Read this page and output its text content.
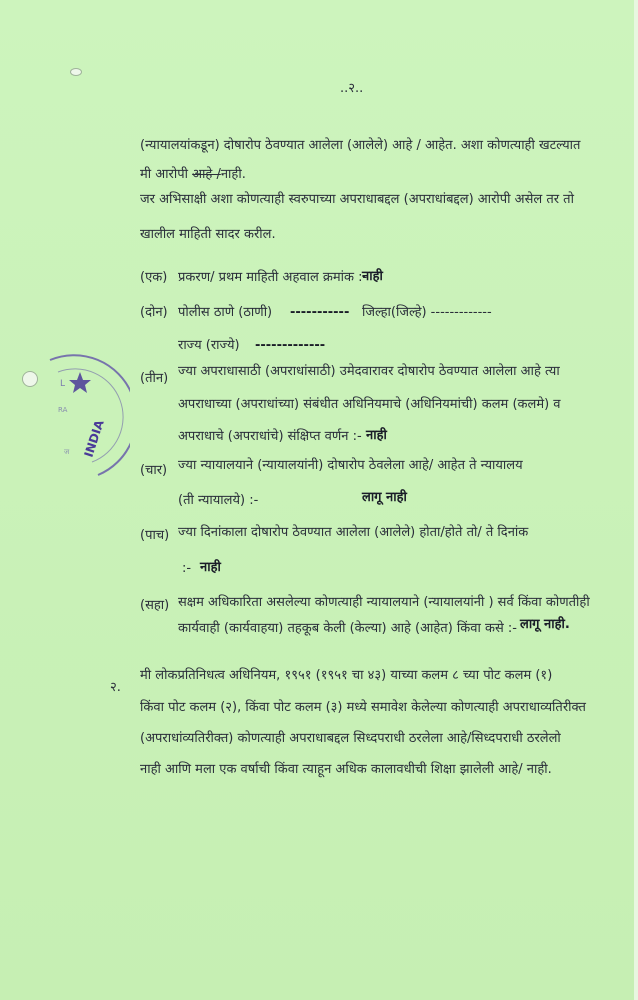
L
RA
INDIA
ज
..२..
(न्यायालयांकडून) दोषारोप ठेवण्यात आलेला (आलेले) आहे / आहेत. अशा कोणत्याही खटल्यात
मी आरोपी आहे /नाही.
जर अभिसाक्षी अशा कोणत्याही स्वरुपाच्या अपराधाबद्दल (अपराधांबद्दल) आरोपी असेल तर तो
खालील माहिती सादर करील.
(एक) प्रकरण/ प्रथम माहिती अहवाल क्रमांक :-
नाही
(दोन) पोलीस ठाणे (ठाणी) ----------- जिल्हा(जिल्हे) -------------
राज्य (राज्ये) -------------
(तीन) ज्या अपराधासाठी (अपराधांसाठी) उमेदवारावर दोषारोप ठेवण्यात आलेला आहे त्या
अपराधाच्या (अपराधांच्या) संबंधीत अधिनियमाचे (अधिनियमांची) कलम (कलमे) व
अपराधाचे (अपराधांचे) संक्षिप्त वर्णन :- नाही
(चार) ज्या न्यायालयाने (न्यायालयांनी) दोषारोप ठेवलेला आहे/ आहेत ते न्यायालय
(ती न्यायालये) :-	लागू नाही
(पाच) ज्या दिनांकाला दोषारोप ठेवण्यात आलेला (आलेले) होता/होते तो/ ते दिनांक
:- नाही
(सहा) सक्षम अधिकारिता असलेल्या कोणत्याही न्यायालयाने (न्यायालयांनी ) सर्व किंवा कोणतीही
कार्यवाही (कार्यवाहया) तहकूब केली (केल्या) आहे (आहेत) किंवा कसे :- लागू नाही.
२.
मी लोकप्रतिनिधत्व अधिनियम, १९५१ (१९५१ चा ४३) याच्या कलम ८ च्या पोट कलम (१)
किंवा पोट कलम (२), किंवा पोट कलम (३) मध्ये समावेश केलेल्या कोणत्याही अपराधाव्यतिरीक्त
(अपराधांव्यतिरीक्त) कोणत्याही अपराधाबद्दल सिध्दपराधी ठरलेला आहे/सिध्दपराधी ठरलेलो
नाही आणि मला एक वर्षाची किंवा त्याहून अधिक कालावधीची शिक्षा झालेली आहे/ नाही.
